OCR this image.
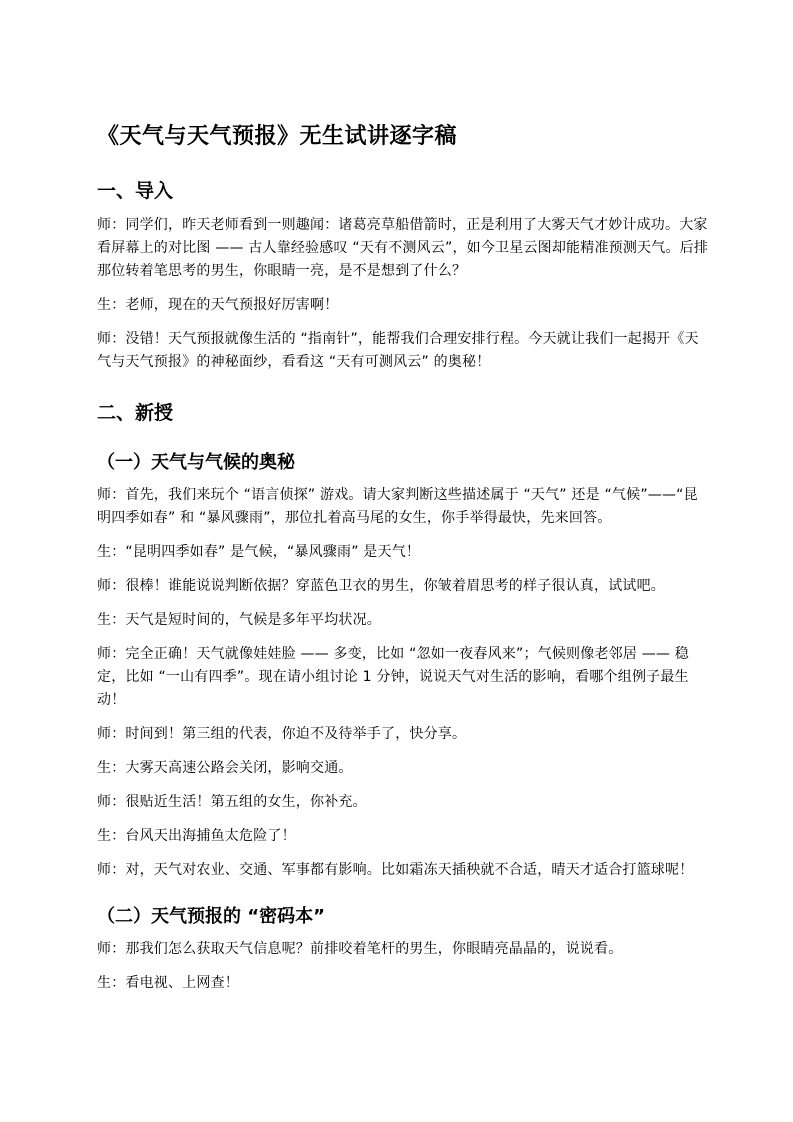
《天气与天气预报》无生试讲逐字稿
一、导入

师：同学们，昨天老师看到一则趣闻：诸葛亮草船借箭时，正是利用了大雾天气才妙计成功。大家看屏幕上的对比图 —— 古人靠经验感叹 “天有不测风云”，如今卫星云图却能精准预测天气。后排那位转着笔思考的男生，你眼睛一亮，是不是想到了什么？

生：老师，现在的天气预报好厉害啊！

师：没错！天气预报就像生活的 “指南针”，能帮我们合理安排行程。今天就让我们一起揭开《天气与天气预报》的神秘面纱，看看这 “天有可测风云” 的奥秘！

二、新授
（一）天气与气候的奥秘

师：首先，我们来玩个 “语言侦探” 游戏。请大家判断这些描述属于 “天气” 还是 “气候”——“昆明四季如春” 和 “暴风骤雨”，那位扎着高马尾的女生，你手举得最快，先来回答。

生：“昆明四季如春” 是气候，“暴风骤雨” 是天气！

师：很棒！谁能说说判断依据？穿蓝色卫衣的男生，你皱着眉思考的样子很认真，试试吧。

生：天气是短时间的，气候是多年平均状况。

师：完全正确！天气就像娃娃脸 —— 多变，比如 “忽如一夜春风来”；气候则像老邻居 —— 稳定，比如 “一山有四季”。现在请小组讨论 1 分钟，说说天气对生活的影响，看哪个组例子最生动！

师：时间到！第三组的代表，你迫不及待举手了，快分享。

生：大雾天高速公路会关闭，影响交通。

师：很贴近生活！第五组的女生，你补充。

生：台风天出海捕鱼太危险了！

师：对，天气对农业、交通、军事都有影响。比如霜冻天插秧就不合适，晴天才适合打篮球呢！

（二）天气预报的 “密码本”

师：那我们怎么获取天气信息呢？前排咬着笔杆的男生，你眼睛亮晶晶的，说说看。

生：看电视、上网查！
